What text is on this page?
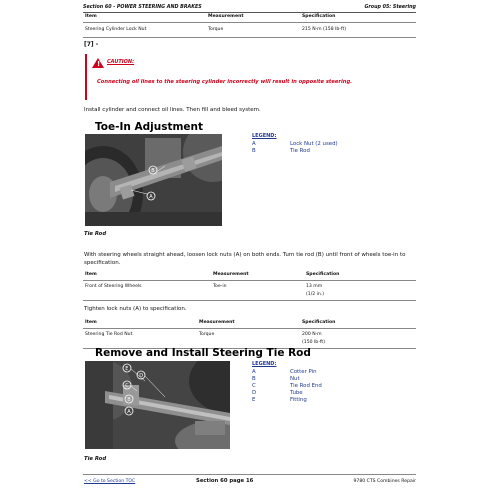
Section 60 - POWER STEERING AND BRAKES	Group 05: Steering
Item	Measurement	Specification
Steering Cylinder Lock Nut	Torque	215 N·m (158 lb-ft)
[7] -
! CAUTION:
Connecting oil lines to the steering cylinder incorrectly will result in opposite steering.
Install cylinder and connect oil lines. Then fill and bleed system.
Toe-In Adjustment
B
A
LEGEND:
A	Lock Nut (2 used)
B	Tie Rod
Tie Rod
With steering wheels straight ahead, loosen lock nuts (A) on both ends. Turn tie rod (B) until front of wheels toe-in to specification.
Item	Measurement	Specification
Front of Steering Wheels	Toe-in	13 mm
(1/2 in.)
Tighten lock nuts (A) to specification.
Item	Measurement	Specification
Steering Tie Rod Nut	Torque	200 N·m
(150 lb-ft)
Remove and Install Steering Tie Rod
E
D
C
B
A
LEGEND:
A	Cotter Pin
B	Nut
C	Tie Rod End
D	Tube
E	Fitting
Tie Rod
<< Go to Section TOC	Section 60 page 16	9780 CTS Combines Repair
